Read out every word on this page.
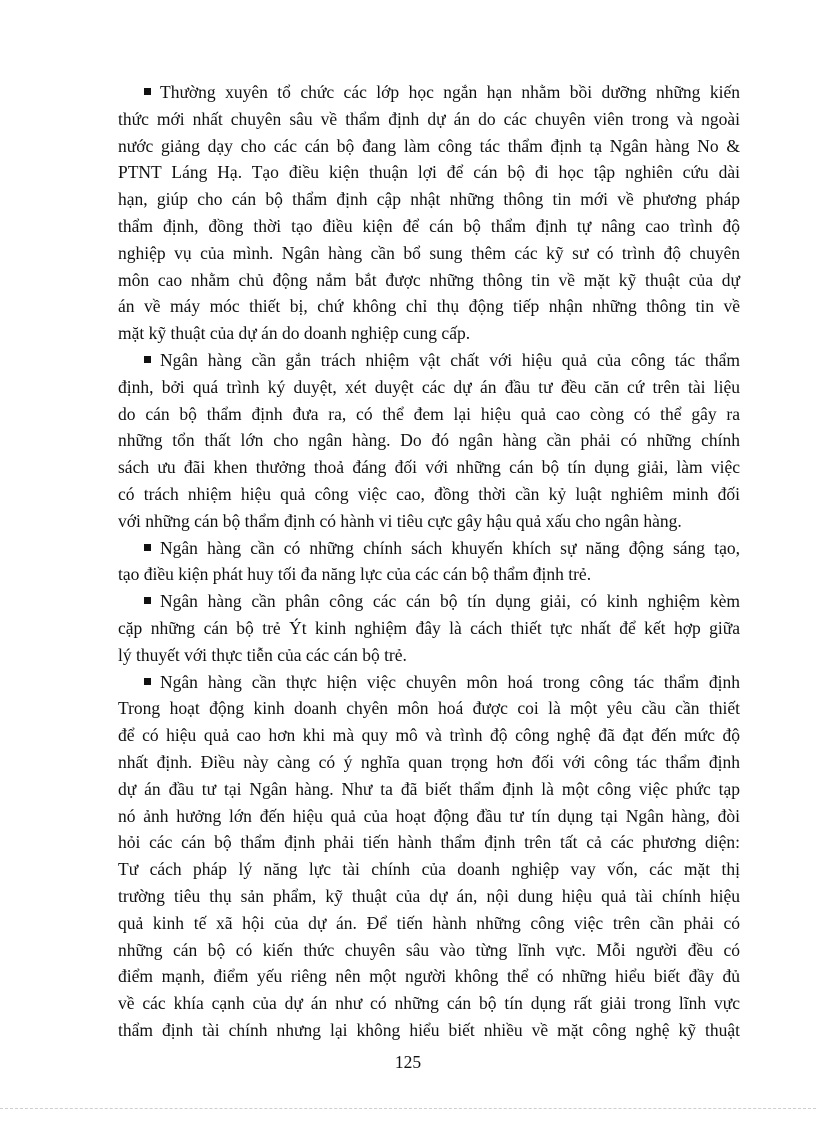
Thường xuyên tổ chức các lớp học ngắn hạn nhằm bồi dưỡng những kiến
thức mới nhất chuyên sâu về thẩm định dự án do các chuyên viên trong và ngoài
nước giảng dạy cho các cán bộ đang làm công tác thẩm định tạ Ngân hàng No &
PTNT Láng Hạ. Tạo điều kiện thuận lợi để cán bộ đi học tập nghiên cứu dài
hạn, giúp cho cán bộ thẩm định cập nhật những thông tin mới về phương pháp
thẩm định, đồng thời tạo điều kiện để cán bộ thẩm định tự nâng cao trình độ
nghiệp vụ của mình. Ngân hàng cần bổ sung thêm các kỹ sư có trình độ chuyên
môn cao nhằm chủ động nắm bắt được những thông tin về mặt kỹ thuật của dự
án về máy móc thiết bị, chứ không chỉ thụ động tiếp nhận những thông tin về
mặt kỹ thuật của dự án do doanh nghiệp cung cấp.
Ngân hàng cần gắn trách nhiệm vật chất với hiệu quả của công tác thẩm
định, bởi quá trình ký duyệt, xét duyệt các dự án đầu tư đều căn cứ trên tài liệu
do cán bộ thẩm định đưa ra, có thể đem lại hiệu quả cao còng có thể gây ra
những tổn thất lớn cho ngân hàng. Do đó ngân hàng cần phải có những chính
sách ưu đãi khen thưởng thoả đáng đối với những cán bộ tín dụng giải, làm việc
có trách nhiệm hiệu quả công việc cao, đồng thời cần kỷ luật nghiêm minh đối
với những cán bộ thẩm định có hành vi tiêu cực gây hậu quả xấu cho ngân hàng.
Ngân hàng cần có những chính sách khuyến khích sự năng động sáng tạo,
tạo điều kiện phát huy tối đa năng lực của các cán bộ thẩm định trẻ.
Ngân hàng cần phân công các cán bộ tín dụng giải, có kinh nghiệm kèm
cặp những cán bộ trẻ Ýt kinh nghiệm đây là cách thiết tực nhất để kết hợp giữa
lý thuyết với thực tiễn của các cán bộ trẻ.
Ngân hàng cần thực hiện việc chuyên môn hoá trong công tác thẩm định
Trong hoạt động kinh doanh chyên môn hoá được coi là một yêu cầu cần thiết
để có hiệu quả cao hơn khi mà quy mô và trình độ công nghệ đã đạt đến mức độ
nhất định. Điều này càng có ý nghĩa quan trọng hơn đối với công tác thẩm định
dự án đầu tư tại Ngân hàng. Như ta đã biết thẩm định là một công việc phức tạp
nó ảnh hưởng lớn đến hiệu quả của hoạt động đầu tư tín dụng tại Ngân hàng, đòi
hỏi các cán bộ thẩm định phải tiến hành thẩm định trên tất cả các phương diện:
Tư cách pháp lý năng lực tài chính của doanh nghiệp vay vốn, các mặt thị
trường tiêu thụ sản phẩm, kỹ thuật của dự án, nội dung hiệu quả tài chính hiệu
quả kinh tế xã hội của dự án. Để tiến hành những công việc trên cần phải có
những cán bộ có kiến thức chuyên sâu vào từng lĩnh vực. Mỗi người đều có
điểm mạnh, điểm yếu riêng nên một người không thể có những hiểu biết đầy đủ
về các khía cạnh của dự án như có những cán bộ tín dụng rất giải trong lĩnh vực
thẩm định tài chính nhưng lại không hiểu biết nhiều về mặt công nghệ kỹ thuật
125
